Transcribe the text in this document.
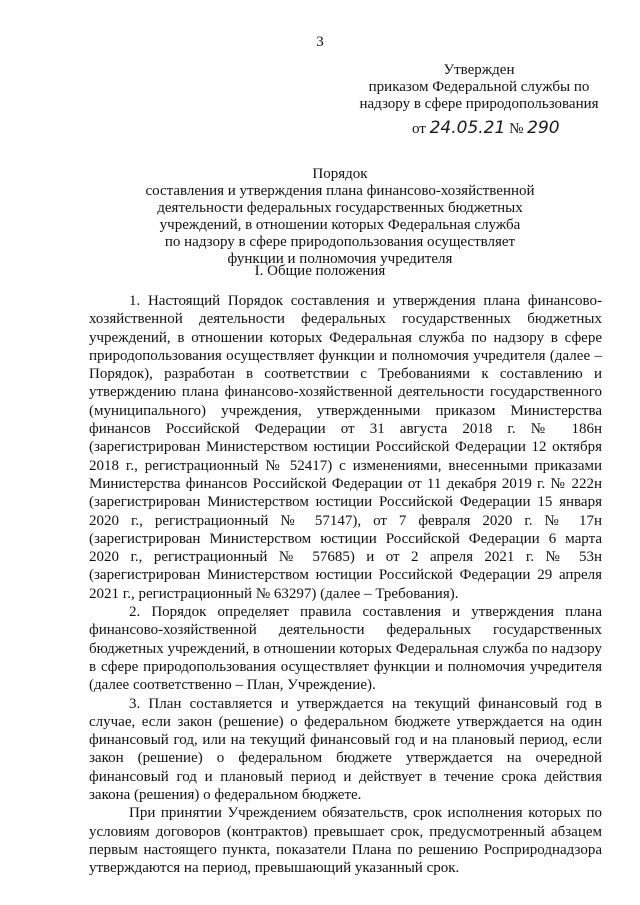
3
Утвержден
приказом Федеральной службы по
надзору в сфере природопользования
от 24.05.21 № 290
Порядок
составления и утверждения плана финансово-хозяйственной
деятельности федеральных государственных бюджетных
учреждений, в отношении которых Федеральная служба
по надзору в сфере природопользования осуществляет
функции и полномочия учредителя
I. Общие положения

1. Настоящий Порядок составления и утверждения плана финансово-хозяйственной деятельности федеральных государственных бюджетных учреждений, в отношении которых Федеральная служба по надзору в сфере природопользования осуществляет функции и полномочия учредителя (далее – Порядок), разработан в соответствии с Требованиями к составлению и утверждению плана финансово-хозяйственной деятельности государственного (муниципального) учреждения, утвержденными приказом Министерства финансов Российской Федерации от 31 августа 2018 г. № 186н (зарегистрирован Министерством юстиции Российской Федерации 12 октября 2018 г., регистрационный № 52417) с изменениями, внесенными приказами Министерства финансов Российской Федерации от 11 декабря 2019 г. № 222н (зарегистрирован Министерством юстиции Российской Федерации 15 января 2020 г., регистрационный № 57147), от 7 февраля 2020 г. № 17н (зарегистрирован Министерством юстиции Российской Федерации 6 марта 2020 г., регистрационный № 57685) и от 2 апреля 2021 г. № 53н (зарегистрирован Министерством юстиции Российской Федерации 29 апреля 2021 г., регистрационный № 63297) (далее – Требования).

2. Порядок определяет правила составления и утверждения плана финансово-хозяйственной деятельности федеральных государственных бюджетных учреждений, в отношении которых Федеральная служба по надзору в сфере природопользования осуществляет функции и полномочия учредителя (далее соответственно – План, Учреждение).

3. План составляется и утверждается на текущий финансовый год в случае, если закон (решение) о федеральном бюджете утверждается на один финансовый год, или на текущий финансовый год и на плановый период, если закон (решение) о федеральном бюджете утверждается на очередной финансовый год и плановый период и действует в течение срока действия закона (решения) о федеральном бюджете.

При принятии Учреждением обязательств, срок исполнения которых по условиям договоров (контрактов) превышает срок, предусмотренный абзацем первым настоящего пункта, показатели Плана по решению Росприроднадзора утверждаются на период, превышающий указанный срок.
